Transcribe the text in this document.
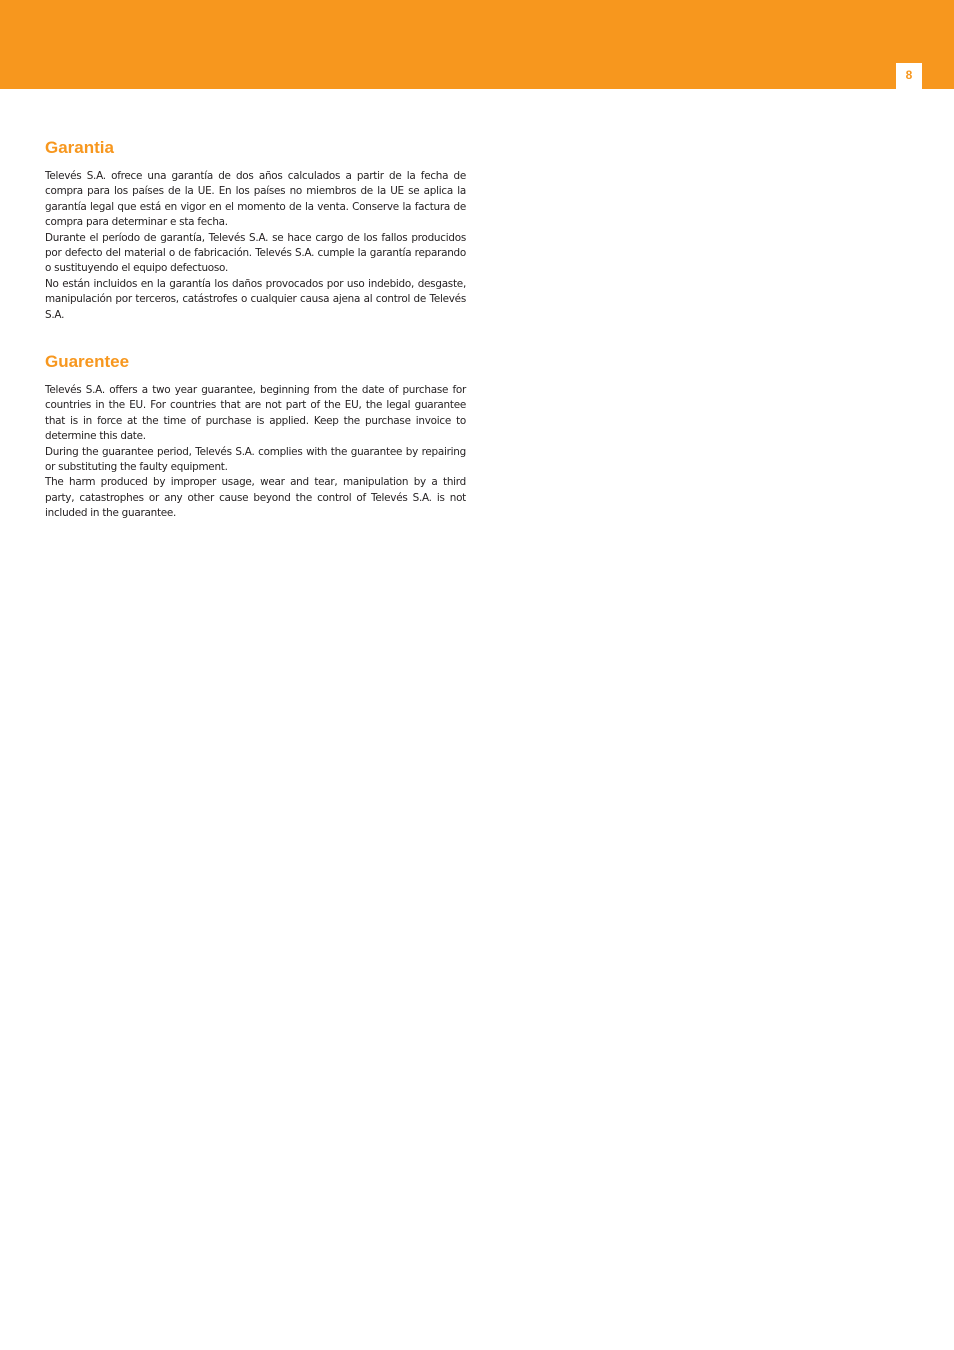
8
Garantia

Televés S.A. ofrece una garantía de dos años calculados a partir de la fecha de compra para los países de la UE. En los países no miembros de la UE se aplica la garantía legal que está en vigor en el momento de la venta. Conserve la factura de compra para determinar e sta fecha.

Durante el período de garantía, Televés S.A. se hace cargo de los fallos producidos por defecto del material o de fabricación. Televés S.A. cumple la garantía reparando o sustituyendo el equipo defectuoso.

No están incluidos en la garantía los daños provocados por uso indebido, desgaste, manipulación por terceros, catástrofes o cualquier causa ajena al control de Televés S.A.

Guarentee

Televés S.A. offers a two year guarantee, beginning from the date of purchase for countries in the EU. For countries that are not part of the EU, the legal guarantee that is in force at the time of purchase is applied. Keep the purchase invoice to determine this date.

During the guarantee period, Televés S.A. complies with the guarantee by repairing or substituting the faulty equipment.

The harm produced by improper usage, wear and tear, manipulation by a third party, catastrophes or any other cause beyond the control of Televés S.A. is not included in the guarantee.
